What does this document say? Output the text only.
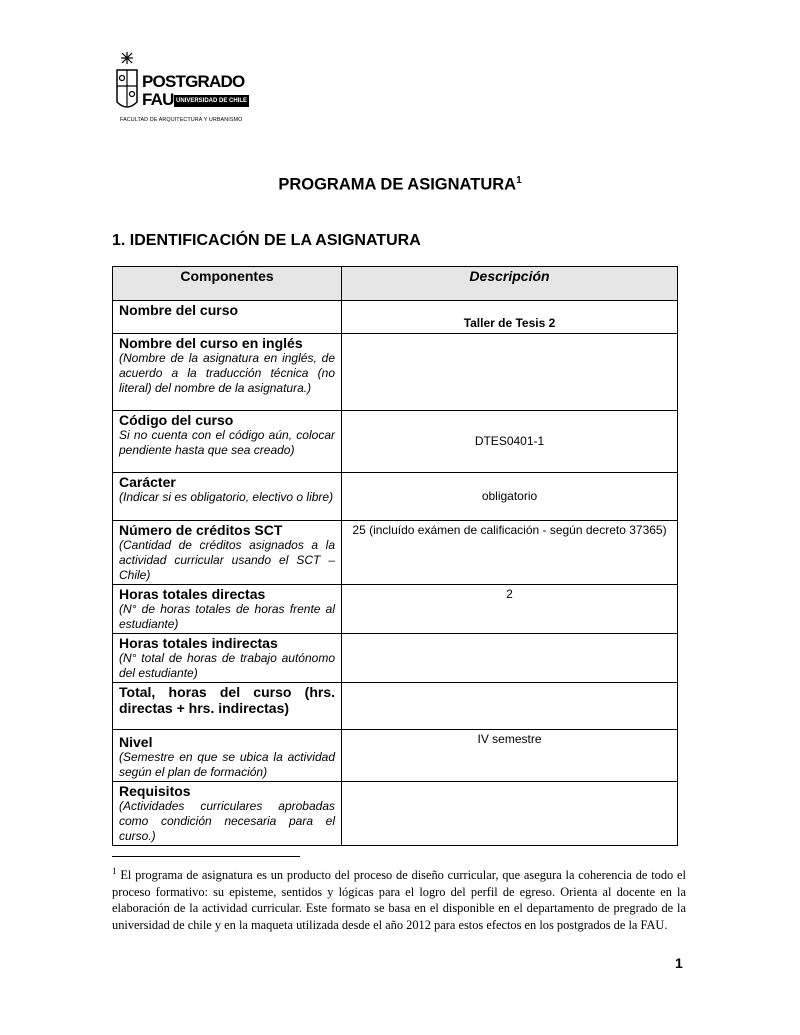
POSTGRADO
FAU UNIVERSIDAD DE CHILE
FACULTAD DE ARQUITECTURA Y URBANISMO
PROGRAMA DE ASIGNATURA$^1$
1. IDENTIFICACIÓN DE LA ASIGNATURA
Componentes	Descripción

Nombre del curso	Taller de Tesis 2

Nombre del curso en inglés
(Nombre de la asignatura en inglés, de acuerdo a la traducción técnica (no literal) del nombre de la asignatura.)	

Código del curso
Si no cuenta con el código aún, colocar pendiente hasta que sea creado)	DTES0401-1

Carácter
(Indicar si es obligatorio, electivo o libre)	obligatorio

Número de créditos SCT
(Cantidad de créditos asignados a la actividad curricular usando el SCT – Chile)	25 (incluído exámen de calificación - según decreto 37365)

Horas totales directas
(N° de horas totales de horas frente al estudiante)	2

Horas totales indirectas
(N° total de horas de trabajo autónomo del estudiante)	

Total, horas del curso (hrs. directas + hrs. indirectas)	

Nivel
(Semestre en que se ubica la actividad según el plan de formación)	IV semestre

Requisitos
(Actividades curriculares aprobadas como condición necesaria para el curso.)	

$^1$ El programa de asignatura es un producto del proceso de diseño curricular, que asegura la coherencia de todo el proceso formativo: su episteme, sentidos y lógicas para el logro del perfil de egreso. Orienta al docente en la elaboración de la actividad curricular. Este formato se basa en el disponible en el departamento de pregrado de la universidad de chile y en la maqueta utilizada desde el año 2012 para estos efectos en los postgrados de la FAU.
1
